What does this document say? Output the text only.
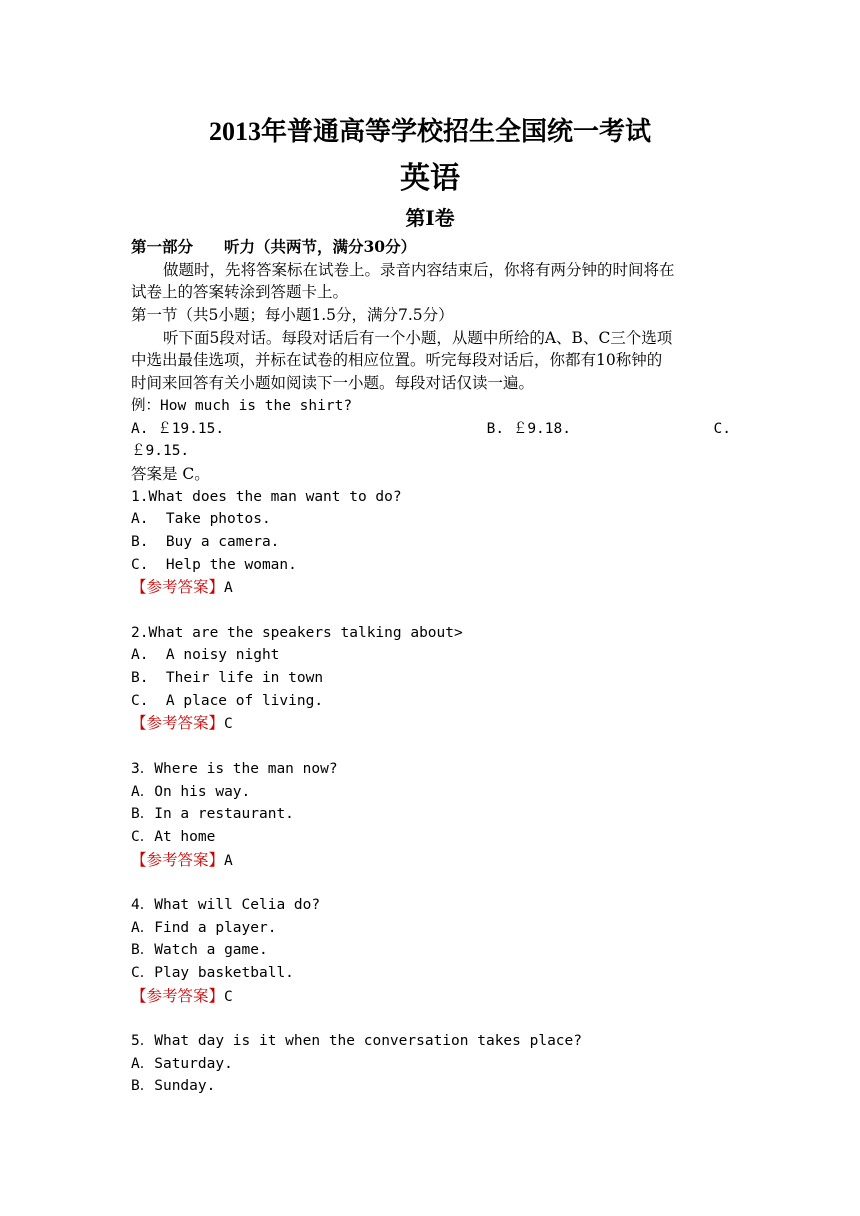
2013年普通高等学校招生全国统一考试
英语
第Ⅰ卷
第一部分　　听力（共两节，满分30分）
做题时，先将答案标在试卷上。录音内容结束后，你将有两分钟的时间将在
试卷上的答案转涂到答题卡上。
第一节（共5小题；每小题1.5分，满分7.5分）
听下面5段对话。每段对话后有一个小题，从题中所给的A、B、C三个选项
中选出最佳选项，并标在试卷的相应位置。听完每段对话后，你都有10称钟的
时间来回答有关小题如阅读下一小题。每段对话仅读一遍。
例：How much is the shirt?
A. ￡19.15.	B. ￡9.18.	C.
￡9.15.
答案是 C。
1.What does the man want to do?
A.  Take photos.
B.  Buy a camera.
C.  Help the woman.
【参考答案】A
2.What are the speakers talking about>
A.  A noisy night
B.  Their life in town
C.  A place of living.
【参考答案】C
3．Where is the man now?
A．On his way.
B．In a restaurant.
C．At home
【参考答案】A
4．What will Celia do?
A．Find a player.
B．Watch a game.
C．Play basketball.
【参考答案】C
5．What day is it when the conversation takes place?
A．Saturday.
B．Sunday.
